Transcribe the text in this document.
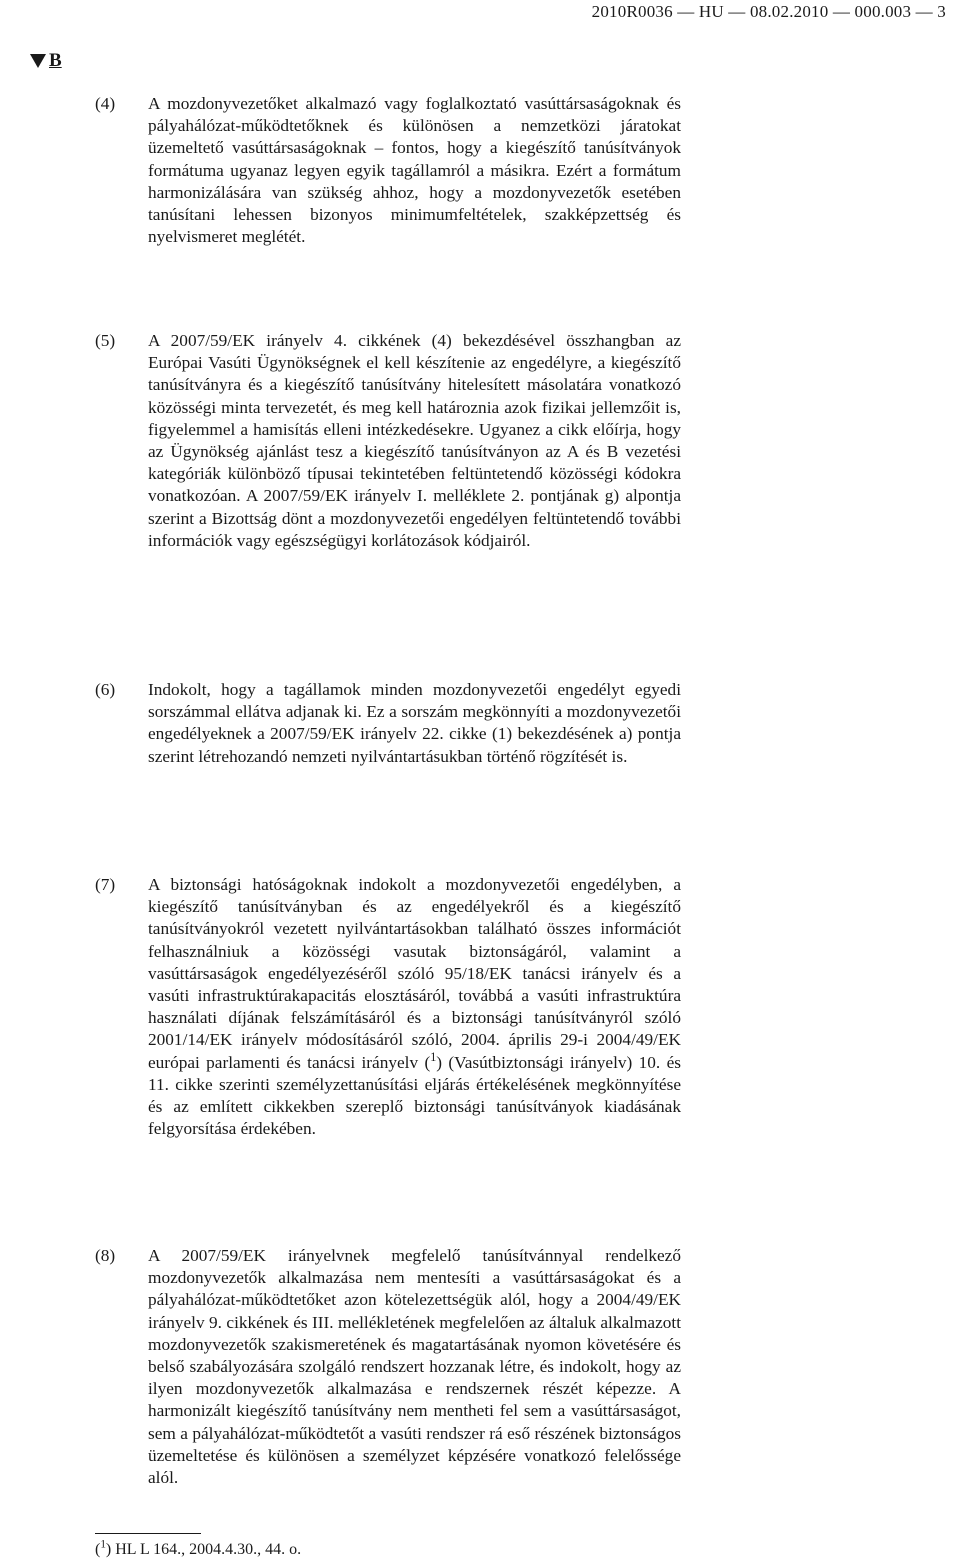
2010R0036 — HU — 08.02.2010 — 000.003 — 3
B
(4)	A mozdonyvezetőket alkalmazó vagy foglalkoztató vasúttársaságoknak és pályahálózat-működtetőknek és különösen a nemzetközi járatokat üzemeltető vasúttársaságoknak – fontos, hogy a kiegészítő tanúsítványok formátuma ugyanaz legyen egyik tagállamról a másikra. Ezért a formátum harmonizálására van szükség ahhoz, hogy a mozdonyvezetők esetében tanúsítani lehessen bizonyos minimumfeltételek, szakképzettség és nyelvismeret meglétét.
(5)	A 2007/59/EK irányelv 4. cikkének (4) bekezdésével összhangban az Európai Vasúti Ügynökségnek el kell készítenie az engedélyre, a kiegészítő tanúsítványra és a kiegészítő tanúsítvány hitelesített másolatára vonatkozó közösségi minta tervezetét, és meg kell határoznia azok fizikai jellemzőit is, figyelemmel a hamisítás elleni intézkedésekre. Ugyanez a cikk előírja, hogy az Ügynökség ajánlást tesz a kiegészítő tanúsítványon az A és B vezetési kategóriák különböző típusai tekintetében feltüntetendő közösségi kódokra vonatkozóan. A 2007/59/EK irányelv I. melléklete 2. pontjának g) alpontja szerint a Bizottság dönt a mozdonyvezetői engedélyen feltüntetendő további információk vagy egészségügyi korlátozások kódjairól.
(6)	Indokolt, hogy a tagállamok minden mozdonyvezetői engedélyt egyedi sorszámmal ellátva adjanak ki. Ez a sorszám megkönnyíti a mozdonyvezetői engedélyeknek a 2007/59/EK irányelv 22. cikke (1) bekezdésének a) pontja szerint létrehozandó nemzeti nyilvántartásukban történő rögzítését is.
(7)	A biztonsági hatóságoknak indokolt a mozdonyvezetői engedélyben, a kiegészítő tanúsítványban és az engedélyekről és a kiegészítő tanúsítványokról vezetett nyilvántartásokban található összes információt felhasználniuk a közösségi vasutak biztonságáról, valamint a vasúttársaságok engedélyezéséről szóló 95/18/EK tanácsi irányelv és a vasúti infrastruktúrakapacitás elosztásáról, továbbá a vasúti infrastruktúra használati díjának felszámításáról és a biztonsági tanúsítványról szóló 2001/14/EK irányelv módosításáról szóló, 2004. április 29-i 2004/49/EK európai parlamenti és tanácsi irányelv ($^1$) (Vasútbiztonsági irányelv) 10. és 11. cikke szerinti személyzettanúsítási eljárás értékelésének megkönnyítése és az említett cikkekben szereplő biztonsági tanúsítványok kiadásának felgyorsítása érdekében.
(8)	A 2007/59/EK irányelvnek megfelelő tanúsítvánnyal rendelkező mozdonyvezetők alkalmazása nem mentesíti a vasúttársaságokat és a pályahálózat-működtetőket azon kötelezettségük alól, hogy a 2004/49/EK irányelv 9. cikkének és III. mellékletének megfelelően az általuk alkalmazott mozdonyvezetők szakismeretének és magatartásának nyomon követésére és belső szabályozására szolgáló rendszert hozzanak létre, és indokolt, hogy az ilyen mozdonyvezetők alkalmazása e rendszernek részét képezze. A harmonizált kiegészítő tanúsítvány nem mentheti fel sem a vasúttársaságot, sem a pályahálózat-működtetőt a vasúti rendszer rá eső részének biztonságos üzemeltetése és különösen a személyzet képzésére vonatkozó felelőssége alól.
($^1$) HL L 164., 2004.4.30., 44. o.
